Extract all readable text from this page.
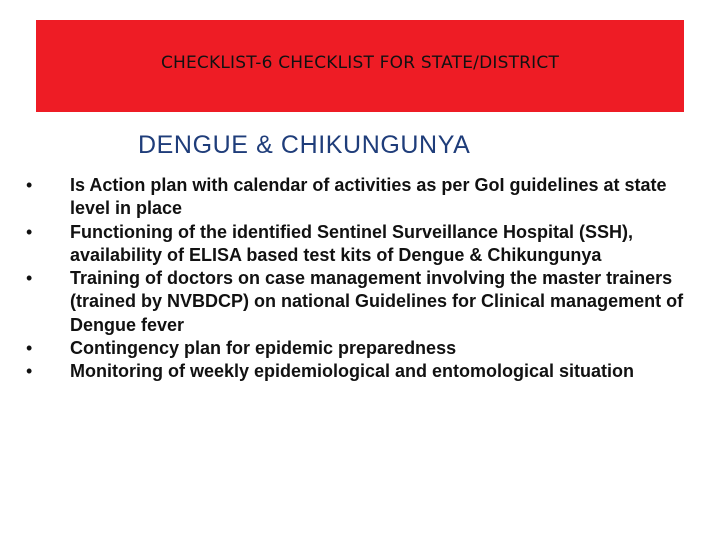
CHECKLIST-6 CHECKLIST FOR STATE/DISTRICT
DENGUE & CHIKUNGUNYA
•	Is Action plan with calendar of activities as per GoI guidelines at state level in place
•	Functioning of the identified Sentinel Surveillance Hospital (SSH), availability of ELISA based test kits of Dengue & Chikungunya
•	Training of doctors on case management involving the master trainers (trained by NVBDCP) on national Guidelines for Clinical management of Dengue fever
•	Contingency plan for epidemic preparedness
•	Monitoring of weekly epidemiological and entomological situation
